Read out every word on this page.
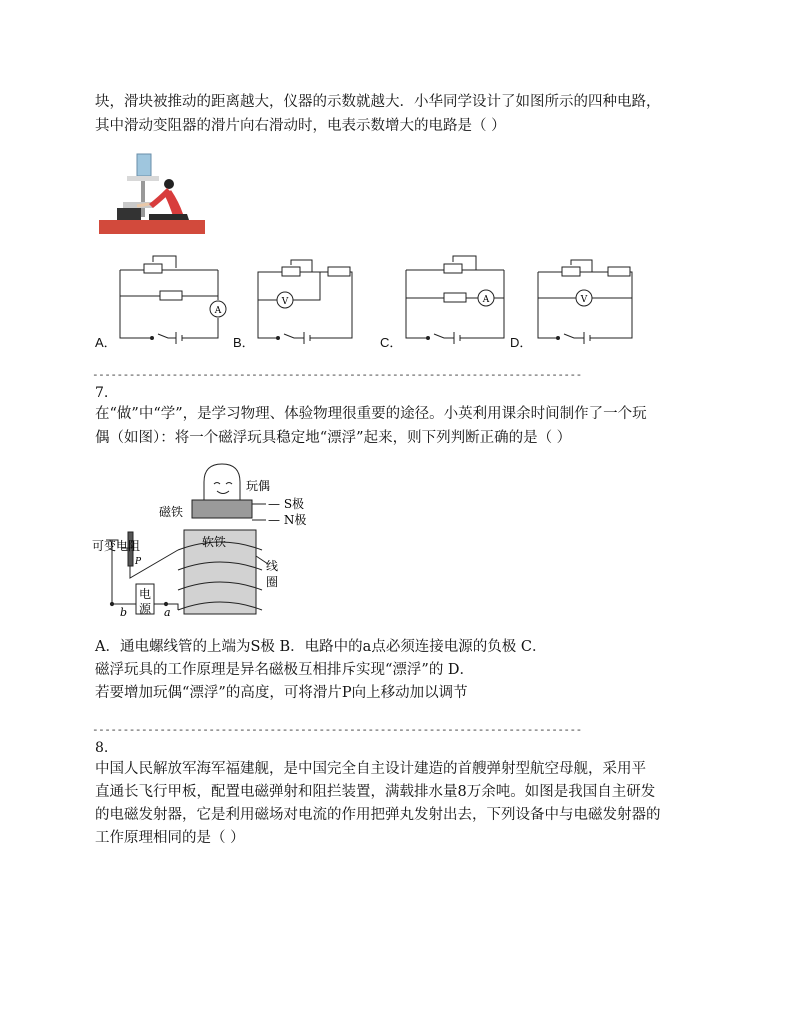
块，滑块被推动的距离越大，仪器的示数就越大．小华同学设计了如图所示的四种电路，
其中滑动变阻器的滑片向右滑动时，电表示数增大的电路是（ ）
A
A．
V
B．
A
C．
V
D．
--------------------------------------------------------------------------------
7.
在“做”中“学”，是学习物理、体验物理很重要的途径。小英利用课余时间制作了一个玩
偶（如图）：将一个磁浮玩具稳定地“漂浮”起来，则下列判断正确的是（ ）
玩偶
磁铁
— S极
— N极
软铁
可变电阻
线
圈
电
源 a
b
P
A．通电螺线管的上端为S极 B．电路中的a点必须连接电源的负极 C．
磁浮玩具的工作原理是异名磁极互相排斥实现“漂浮”的 D．
若要增加玩偶“漂浮”的高度，可将滑片P向上移动加以调节
--------------------------------------------------------------------------------
8.
中国人民解放军海军福建舰，是中国完全自主设计建造的首艘弹射型航空母舰，采用平
直通长飞行甲板，配置电磁弹射和阻拦装置，满载排水量8万余吨。如图是我国自主研发
的电磁发射器，它是利用磁场对电流的作用把弹丸发射出去，下列设备中与电磁发射器的
工作原理相同的是（ ）
